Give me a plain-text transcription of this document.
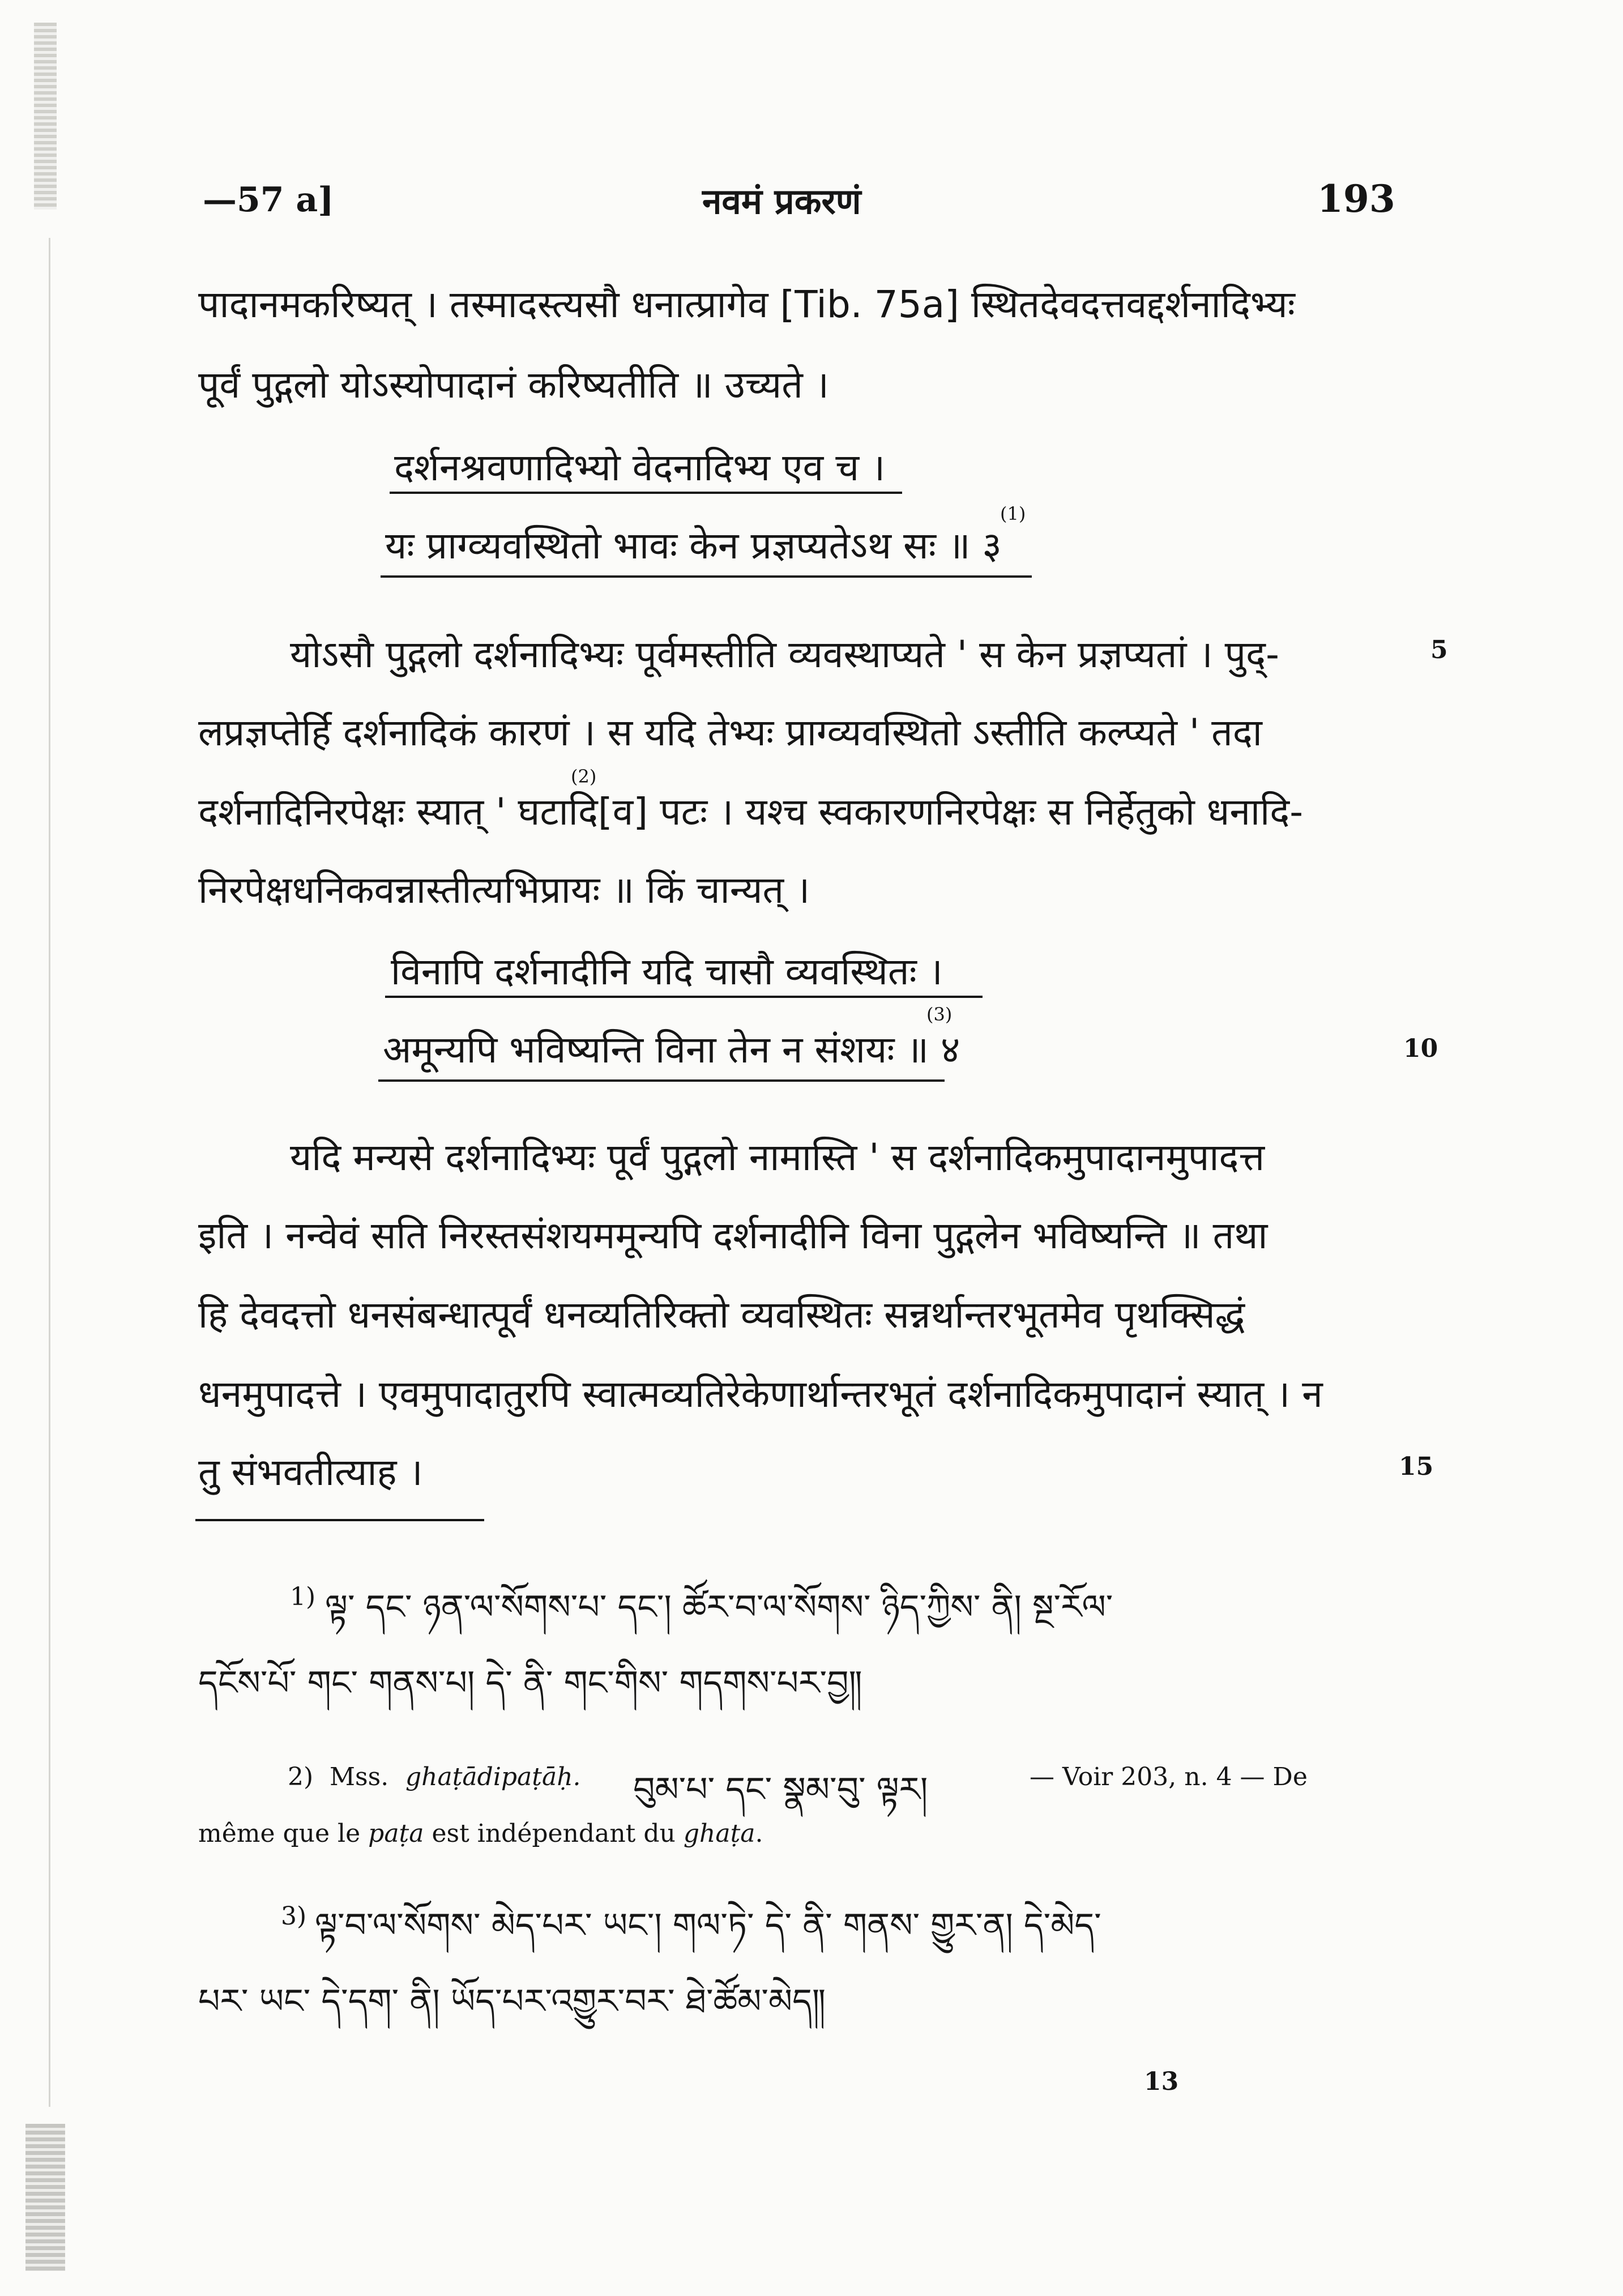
—57 a]	नवमं प्रकरणं	193
पादानमकरिष्यत् । तस्मादस्त्यसौ धनात्प्रागेव [Tib. 75a] स्थितदेवदत्तवद्दर्शनादिभ्यः
पूर्वं पुद्गलो योऽस्योपादानं करिष्यतीति ॥ उच्यते ।
दर्शनश्रवणादिभ्यो वेदनादिभ्य एव च ।
यः प्राग्व्यवस्थितो भावः केन प्रज्ञप्यतेऽथ सः ॥ ३
(1)
योऽसौ पुद्गलो दर्शनादिभ्यः पूर्वमस्तीति व्यवस्थाप्यते ' स केन प्रज्ञप्यतां । पुद्-	5
लप्रज्ञप्तेर्हि दर्शनादिकं कारणं । स यदि तेभ्यः प्राग्व्यवस्थितो ऽस्तीति कल्प्यते ' तदा
दर्शनादिनिरपेक्षः स्यात् ' घटादि[व] पटः । यश्च स्वकारणनिरपेक्षः स निर्हेतुको धनादि-
(2)
निरपेक्षधनिकवन्नास्तीत्यभिप्रायः ॥ किं चान्यत् ।
विनापि दर्शनादीनि यदि चासौ व्यवस्थितः ।
अमून्यपि भविष्यन्ति विना तेन न संशयः ॥ ४
(3)
10
यदि मन्यसे दर्शनादिभ्यः पूर्वं पुद्गलो नामास्ति ' स दर्शनादिकमुपादानमुपादत्त
इति । नन्वेवं सति निरस्तसंशयममून्यपि दर्शनादीनि विना पुद्गलेन भविष्यन्ति ॥ तथा
हि देवदत्तो धनसंबन्धात्पूर्वं धनव्यतिरिक्तो व्यवस्थितः सन्नर्थान्तरभूतमेव पृथक्सिद्धं
धनमुपादत्ते । एवमुपादातुरपि स्वात्मव्यतिरेकेणार्थान्तरभूतं दर्शनादिकमुपादानं स्यात् । न
तु संभवतीत्याह ।	15
1) ལྟ་ དང་ ཉན་ལ་སོགས་པ་ དང་། ཚོར་བ་ལ་སོགས་ ཉིད་ཀྱིས་ ནི། སྔ་རོལ་
དངོས་པོ་ གང་ གནས་པ། དེ་ ནི་ གང་གིས་ གདགས་པར་བྱ༎
2) Mss. ghaṭādipaṭāḥ. བུམ་པ་ དང་ སྣམ་བུ་ ལྟར།	— Voir 203, n. 4 — De
même que le paṭa est indépendant du ghaṭa.
3) ལྟ་བ་ལ་སོགས་ མེད་པར་ ཡང་། གལ་ཏེ་ དེ་ ནི་ གནས་ གྱུར་ན། དེ་མེད་
པར་ ཡང་ དེ་དག་ ནི། ཡོད་པར་འགྱུར་བར་ ཐེ་ཚོམ་མེད༎
13
